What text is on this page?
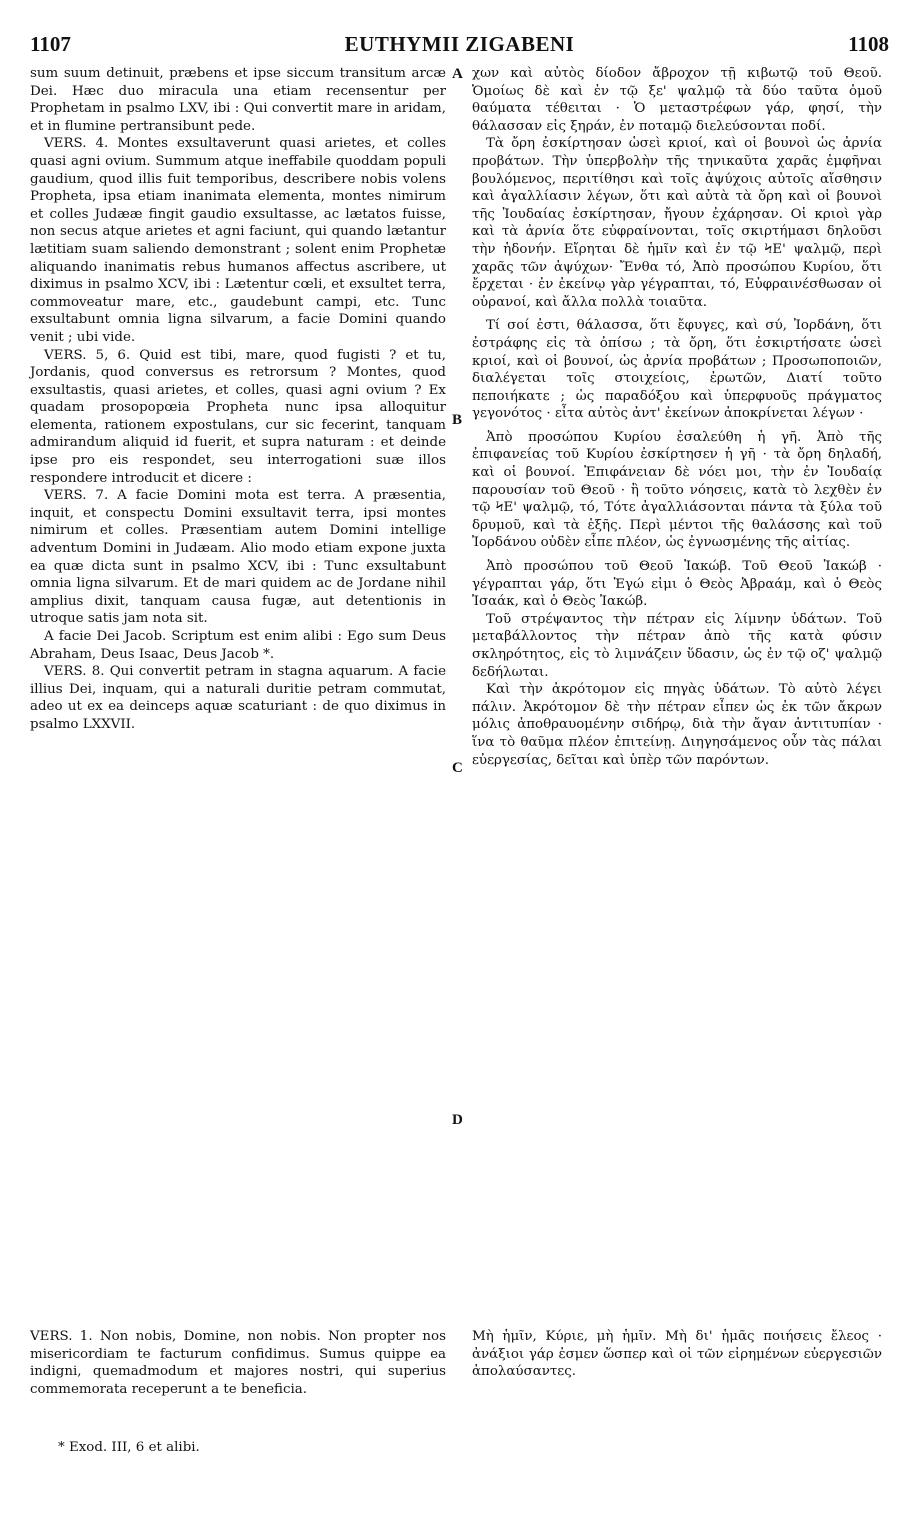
1107	EUTHYMII ZIGABENI	1108

sum suum detinuit, præbens et ipse siccum transitum arcæ Dei. Hæc duo miracula una etiam recensentur per Prophetam in psalmo LXV, ibi : Qui convertit mare in aridam, et in flumine pertransibunt pede.

VERS. 4. Montes exsultaverunt quasi arietes, et colles quasi agni ovium. Summum atque ineffabile quoddam populi gaudium, quod illis fuit temporibus, describere nobis volens Propheta, ipsa etiam inanimata elementa, montes nimirum et colles Judææ fingit gaudio exsultasse, ac lætatos fuisse, non secus atque arietes et agni faciunt, qui quando lætantur lætitiam suam saliendo demonstrant ; solent enim Prophetæ aliquando inanimatis rebus humanos affectus ascribere, ut diximus in psalmo XCV, ibi : Lætentur cœli, et exsultet terra, commoveatur mare, etc., gaudebunt campi, etc. Tunc exsultabunt omnia ligna silvarum, a facie Domini quando venit ; ubi vide.

VERS. 5, 6. Quid est tibi, mare, quod fugisti ? et tu, Jordanis, quod conversus es retrorsum ? Montes, quod exsultastis, quasi arietes, et colles, quasi agni ovium ? Ex quadam prosopopœia Propheta nunc ipsa alloquitur elementa, rationem expostulans, cur sic fecerint, tanquam admirandum aliquid id fuerit, et supra naturam : et deinde ipse pro eis respondet, seu interrogationi suæ illos respondere introducit et dicere :

VERS. 7. A facie Domini mota est terra. A præsentia, inquit, et conspectu Domini exsultavit terra, ipsi montes nimirum et colles. Præsentiam autem Domini intellige adventum Domini in Judæam. Alio modo etiam expone juxta ea quæ dicta sunt in psalmo XCV, ibi : Tunc exsultabunt omnia ligna silvarum. Et de mari quidem ac de Jordane nihil amplius dixit, tanquam causa fugæ, aut detentionis in utroque satis jam nota sit.

A facie Dei Jacob. Scriptum est enim alibi : Ego sum Deus Abraham, Deus Isaac, Deus Jacob *.

VERS. 8. Qui convertit petram in stagna aquarum. A facie illius Dei, inquam, qui a naturali duritie petram commutat, adeo ut ex ea deinceps aquæ scaturiant : de quo diximus in psalmo LXXVII.

χων καὶ αὐτὸς δίοδον ἄβροχον τῇ κιβωτῷ τοῦ Θεοῦ. Ὁμοίως δὲ καὶ ἐν τῷ ξε' ψαλμῷ τὰ δύο ταῦτα ὁμοῦ θαύματα τέθειται · Ὁ μεταστρέφων γάρ, φησί, τὴν θάλασσαν εἰς ξηράν, ἐν ποταμῷ διελεύσονται ποδί.

Τὰ ὄρη ἐσκίρτησαν ὡσεὶ κριοί, καὶ οἱ βουνοὶ ὡς ἀρνία προβάτων. Τὴν ὑπερβολὴν τῆς τηνικαῦτα χαρᾶς ἐμφῆναι βουλόμενος, περιτίθησι καὶ τοῖς ἀψύχοις αὐτοῖς αἴσθησιν καὶ ἀγαλλίασιν λέγων, ὅτι καὶ αὐτὰ τὰ ὄρη καὶ οἱ βουνοὶ τῆς Ἰουδαίας ἐσκίρτησαν, ἤγουν ἐχάρησαν. Οἱ κριοὶ γὰρ καὶ τὰ ἀρνία ὅτε εὐφραίνονται, τοῖς σκιρτήμασι δηλοῦσι τὴν ἡδονήν. Εἴρηται δὲ ἡμῖν καὶ ἐν τῷ ϞΕ' ψαλμῷ, περὶ χαρᾶς τῶν ἀψύχων· Ἔνθα τό, Ἀπὸ προσώπου Κυρίου, ὅτι ἔρχεται · ἐν ἐκείνῳ γὰρ γέγραπται, τό, Εὐφραινέσθωσαν οἱ οὐρανοί, καὶ ἄλλα πολλὰ τοιαῦτα.

Τί σοί ἐστι, θάλασσα, ὅτι ἔφυγες, καὶ σύ, Ἰορδάνη, ὅτι ἐστράφης εἰς τὰ ὀπίσω ; τὰ ὄρη, ὅτι ἐσκιρτήσατε ὡσεὶ κριοί, καὶ οἱ βουνοί, ὡς ἀρνία προβάτων ; Προσωποποιῶν, διαλέγεται τοῖς στοιχείοις, ἐρωτῶν, Διατί τοῦτο πεποιήκατε ; ὡς παραδόξου καὶ ὑπερφυοῦς πράγματος γεγονότος · εἶτα αὐτὸς ἀντ' ἐκείνων ἀποκρίνεται λέγων ·

Ἀπὸ προσώπου Κυρίου ἐσαλεύθη ἡ γῆ. Ἀπὸ τῆς ἐπιφανείας τοῦ Κυρίου ἐσκίρτησεν ἡ γῆ · τὰ ὄρη δηλαδή, καὶ οἱ βουνοί. Ἐπιφάνειαν δὲ νόει μοι, τὴν ἐν Ἰουδαίᾳ παρουσίαν τοῦ Θεοῦ · ἢ τοῦτο νόησεις, κατὰ τὸ λεχθὲν ἐν τῷ ϞΕ' ψαλμῷ, τό, Τότε ἀγαλλιάσονται πάντα τὰ ξύλα τοῦ δρυμοῦ, καὶ τὰ ἑξῆς. Περὶ μέντοι τῆς θαλάσσης καὶ τοῦ Ἰορδάνου οὐδὲν εἶπε πλέον, ὡς ἐγνωσμένης τῆς αἰτίας.

Ἀπὸ προσώπου τοῦ Θεοῦ Ἰακώβ. Τοῦ Θεοῦ Ἰακώβ · γέγραπται γάρ, ὅτι Ἐγώ εἰμι ὁ Θεὸς Ἀβραάμ, καὶ ὁ Θεὸς Ἰσαάκ, καὶ ὁ Θεὸς Ἰακώβ.

Τοῦ στρέψαντος τὴν πέτραν εἰς λίμνην ὑδάτων. Τοῦ μεταβάλλοντος τὴν πέτραν ἀπὸ τῆς κατὰ φύσιν σκληρότητος, εἰς τὸ λιμνάζειν ὕδασιν, ὡς ἐν τῷ οζ' ψαλμῷ δεδήλωται.

Καὶ τὴν ἀκρότομον εἰς πηγὰς ὑδάτων. Τὸ αὐτὸ λέγει πάλιν. Ἀκρότομον δὲ τὴν πέτραν εἶπεν ὡς ἐκ τῶν ἄκρων μόλις ἀποθραυομένην σιδήρῳ, διὰ τὴν ἄγαν ἀντιτυπίαν · ἵνα τὸ θαῦμα πλέον ἐπιτείνῃ. Διηγησάμενος οὖν τὰς πάλαι εὐεργεσίας, δεῖται καὶ ὑπὲρ τῶν παρόντων.

A
B
C
D
VERS. 1. Non nobis, Domine, non nobis. Non propter nos misericordiam te facturum confidimus. Sumus quippe ea indigni, quemadmodum et majores nostri, qui superius commemorata receperunt a te beneficia.
Μὴ ἡμῖν, Κύριε, μὴ ἡμῖν. Μὴ δι' ἡμᾶς ποιήσεις ἔλεος · ἀνάξιοι γάρ ἐσμεν ὥσπερ καὶ οἱ τῶν εἰρημένων εὐεργεσιῶν ἀπολαύσαντες.
* Exod. III, 6 et alibi.
